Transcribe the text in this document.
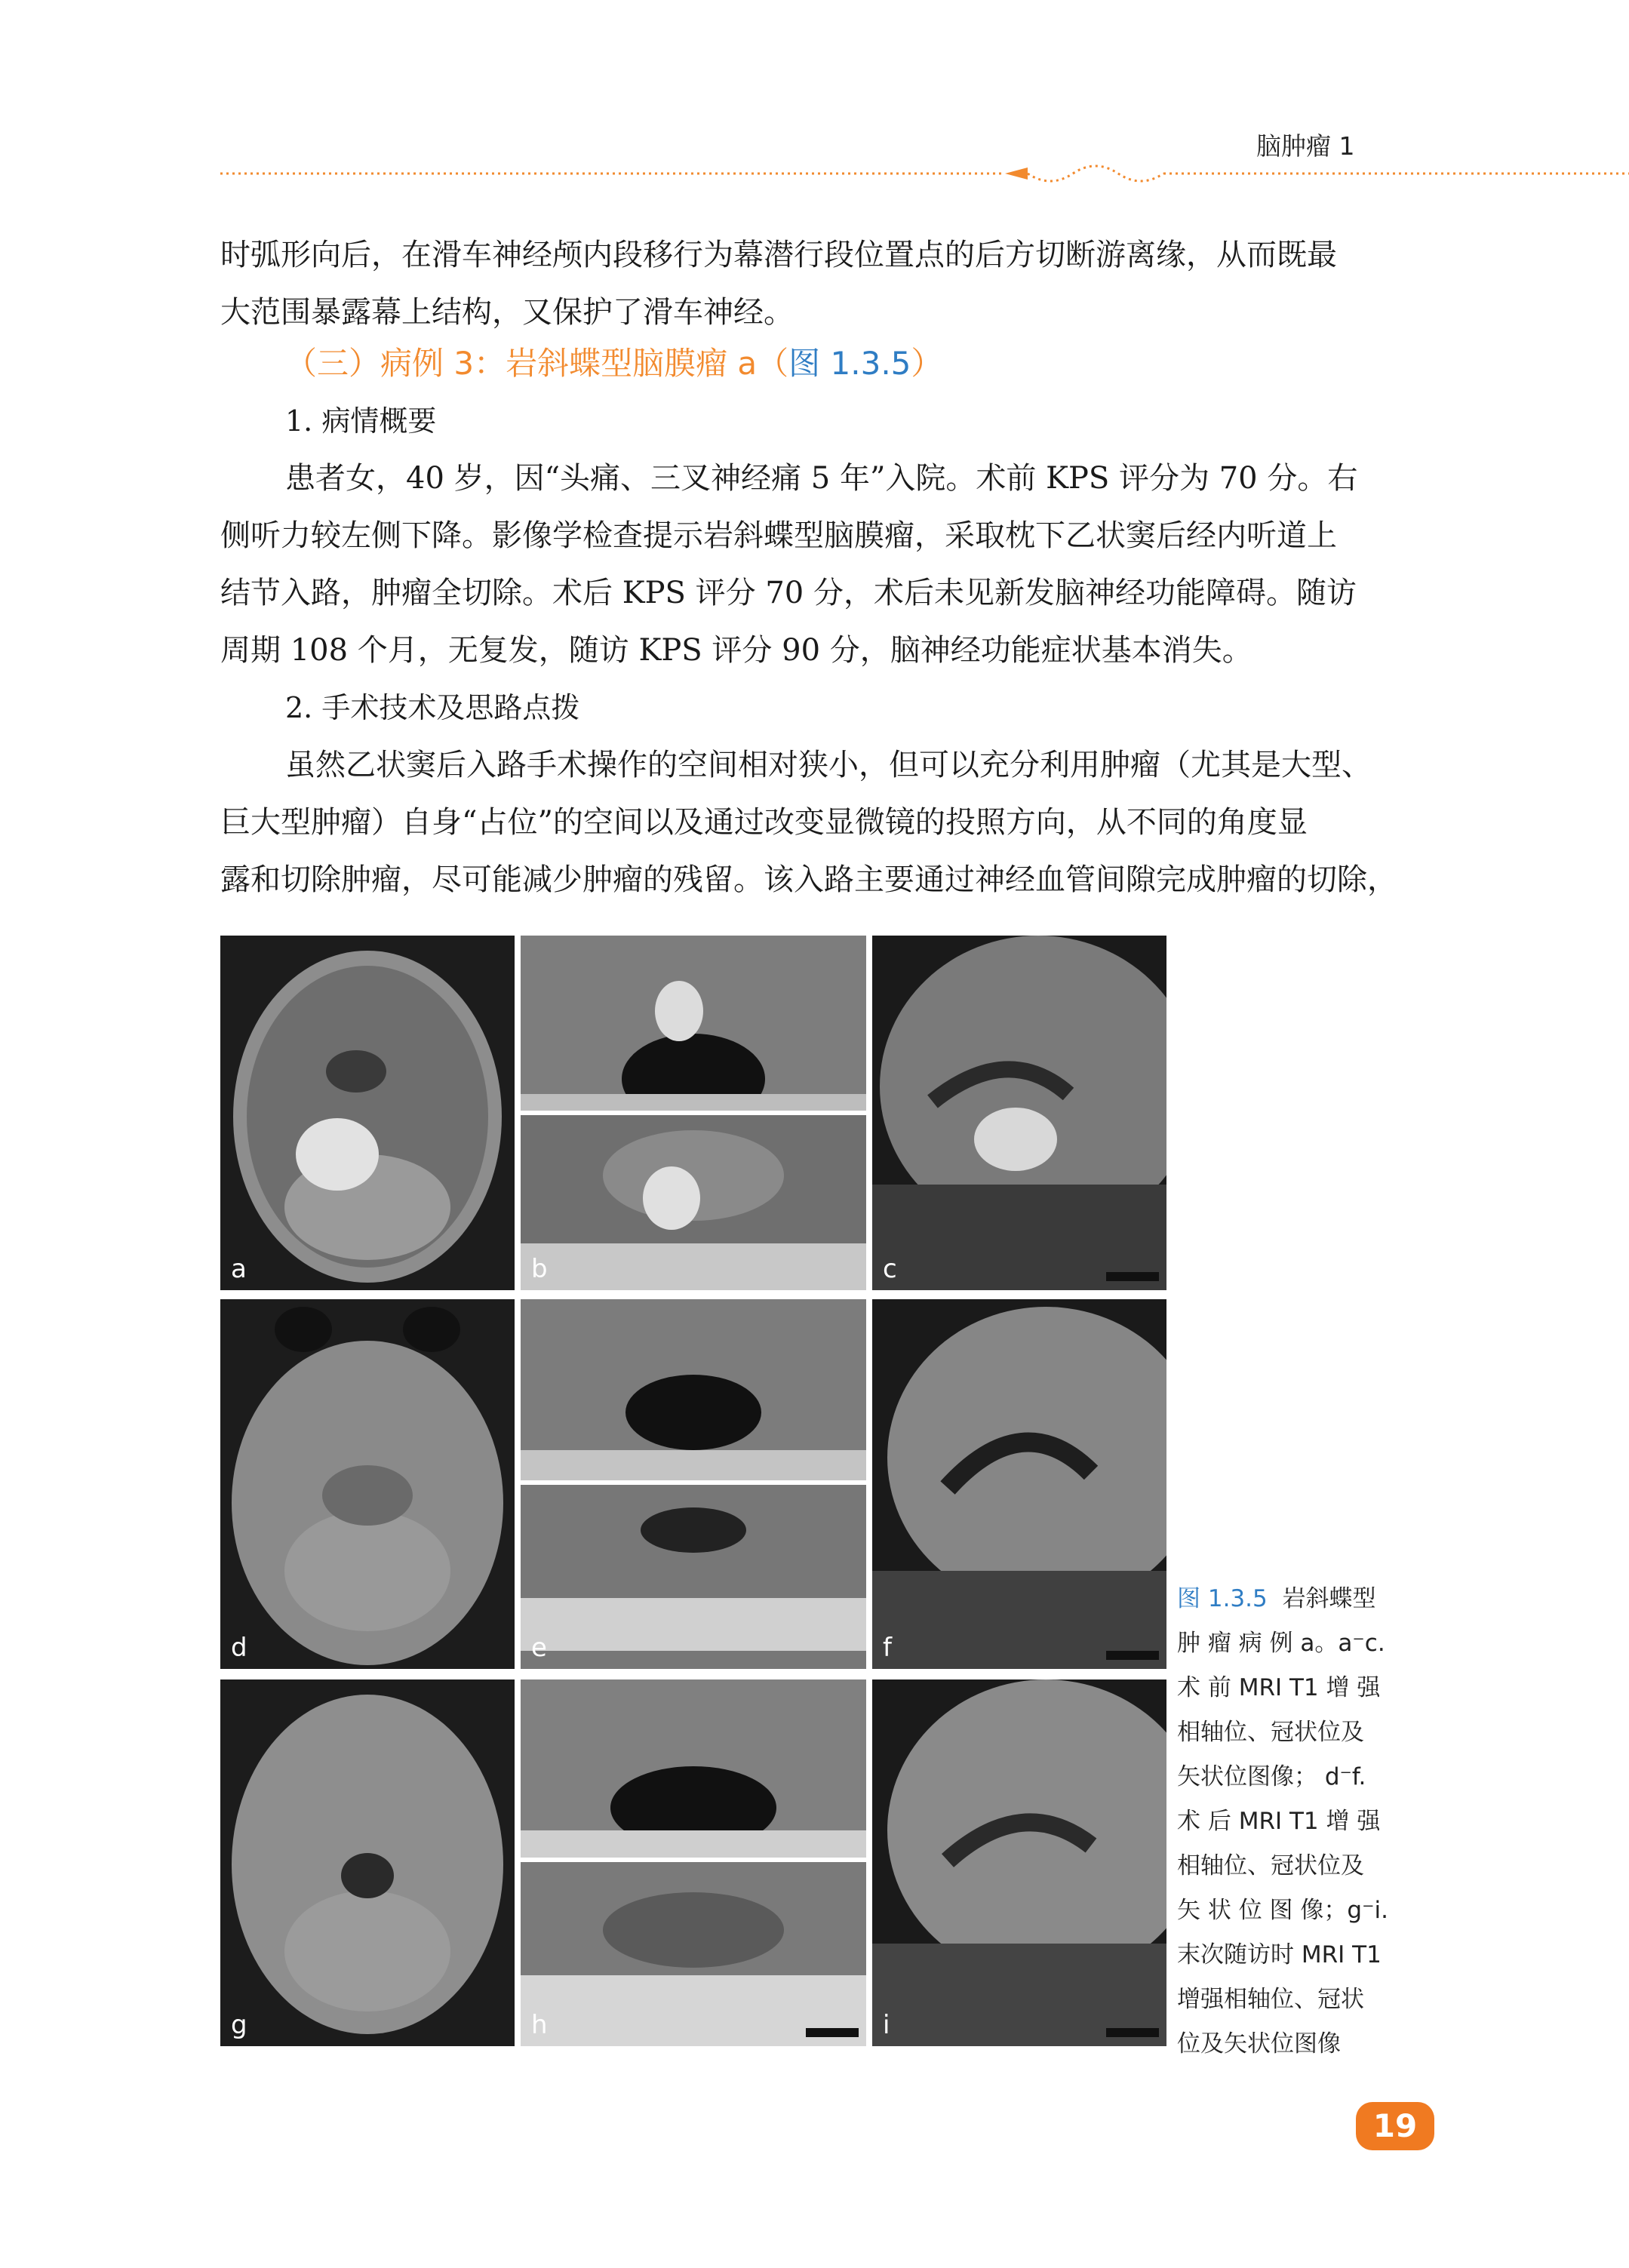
脑肿瘤 1
时弧形向后，在滑车神经颅内段移行为幕潜行段位置点的后方切断游离缘，从而既最
大范围暴露幕上结构，又保护了滑车神经。
（三）病例 3：岩斜蝶型脑膜瘤 a（图 1.3.5）
1. 病情概要
患者女，40 岁，因“头痛、三叉神经痛 5 年”入院。术前 KPS 评分为 70 分。右
侧听力较左侧下降。影像学检查提示岩斜蝶型脑膜瘤，采取枕下乙状窦后经内听道上
结节入路，肿瘤全切除。术后 KPS 评分 70 分，术后未见新发脑神经功能障碍。随访
周期 108 个月，无复发，随访 KPS 评分 90 分，脑神经功能症状基本消失。
2. 手术技术及思路点拨
虽然乙状窦后入路手术操作的空间相对狭小，但可以充分利用肿瘤（尤其是大型、
巨大型肿瘤）自身“占位”的空间以及通过改变显微镜的投照方向，从不同的角度显
露和切除肿瘤，尽可能减少肿瘤的残留。该入路主要通过神经血管间隙完成肿瘤的切除，
a	b	c
d	e	f
g	h	i
图 1.3.5 岩斜蝶型
肿 瘤 病 例 a。a⁻c.
术 前 MRI T1 增 强
相轴位、冠状位及
矢状位图像； d⁻f.
术 后 MRI T1 增 强
相轴位、冠状位及
矢 状 位 图 像；g⁻i.
末次随访时 MRI T1
增强相轴位、冠状
位及矢状位图像
19
